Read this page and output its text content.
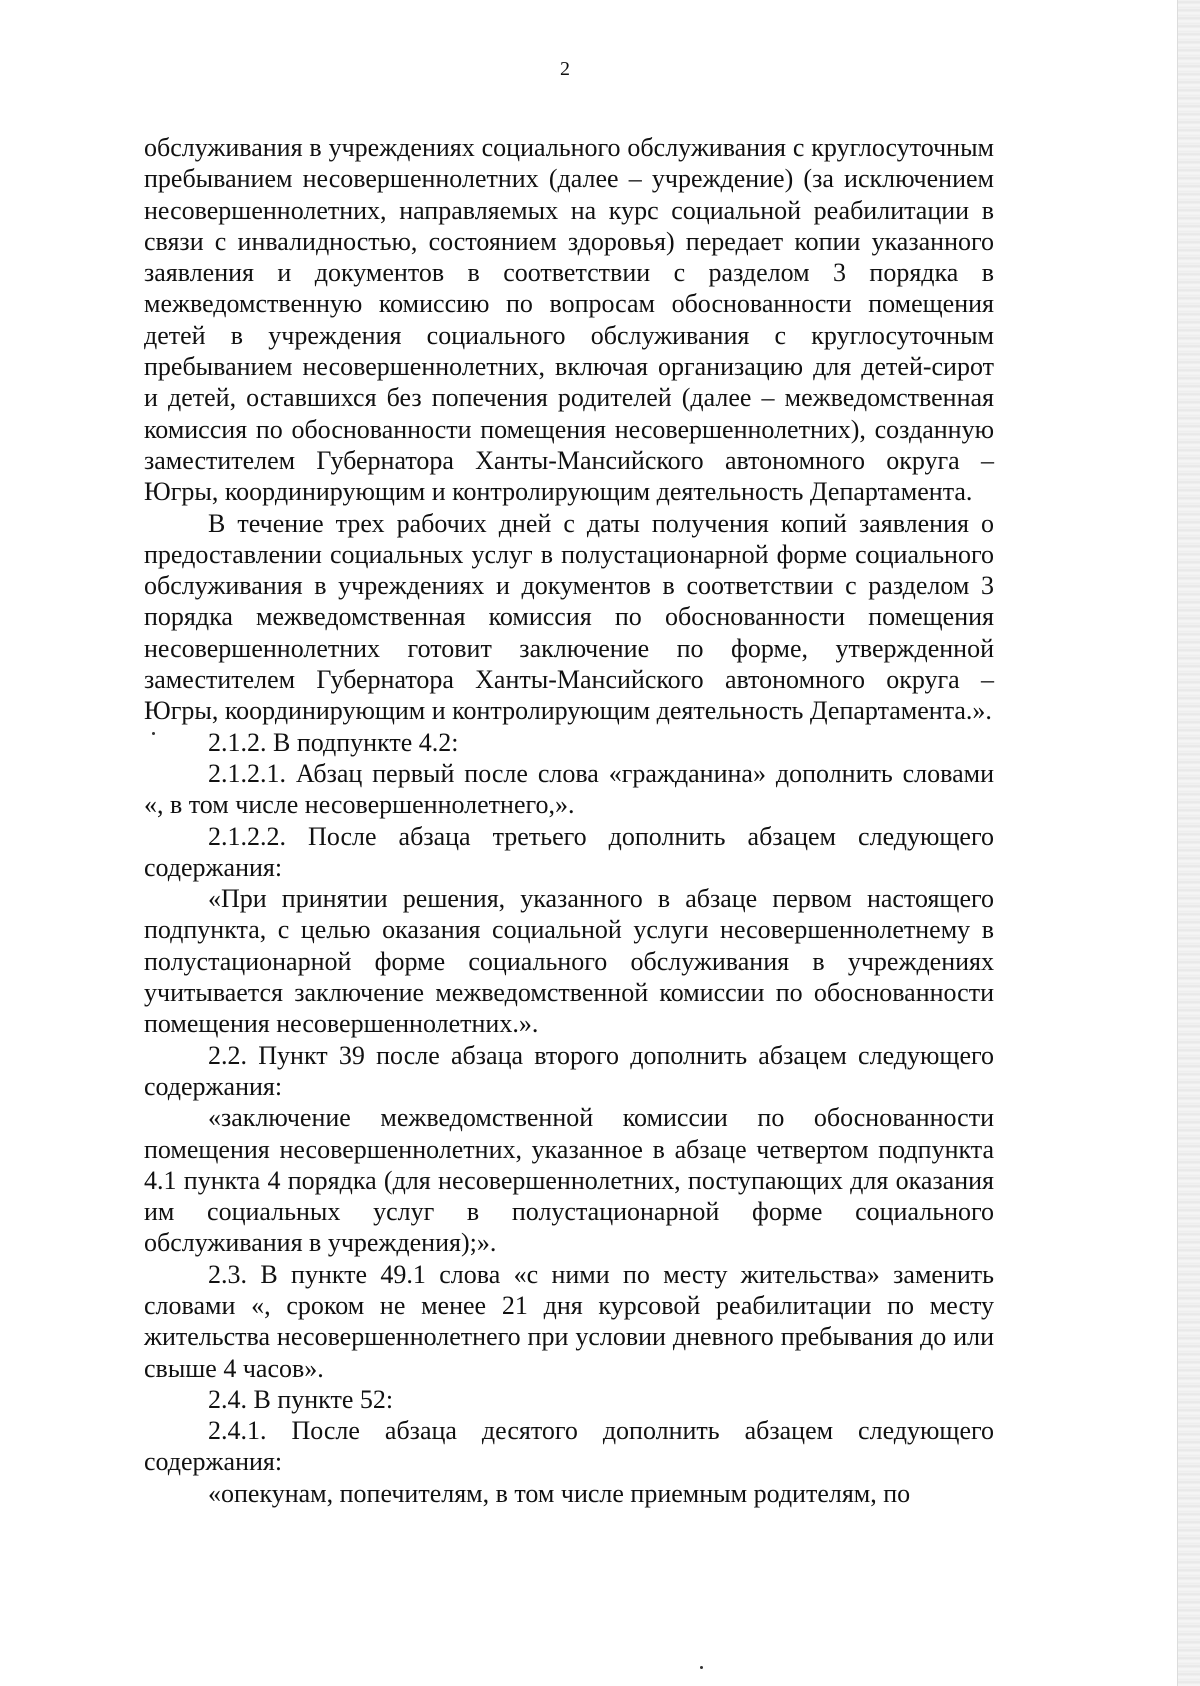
2

обслуживания в учреждениях социального обслуживания с круглосуточным пребыванием несовершеннолетних (далее – учреждение) (за исключением несовершеннолетних, направляемых на курс социальной реабилитации в связи с инвалидностью, состоянием здоровья) передает копии указанного заявления и документов в соответствии с разделом 3 порядка в межведомственную комиссию по вопросам обоснованности помещения детей в учреждения социального обслуживания с круглосуточным пребыванием несовершеннолетних, включая организацию для детей-сирот и детей, оставшихся без попечения родителей (далее – межведомственная комиссия по обоснованности помещения несовершеннолетних), созданную заместителем Губернатора Ханты-Мансийского автономного округа – Югры, координирующим и контролирующим деятельность Департамента.

В течение трех рабочих дней с даты получения копий заявления о предоставлении социальных услуг в полустационарной форме социального обслуживания в учреждениях и документов в соответствии с разделом 3 порядка межведомственная комиссия по обоснованности помещения несовершеннолетних готовит заключение по форме, утвержденной заместителем Губернатора Ханты-Мансийского автономного округа – Югры, координирующим и контролирующим деятельность Департамента.».

2.1.2. В подпункте 4.2:

2.1.2.1. Абзац первый после слова «гражданина» дополнить словами «, в том числе несовершеннолетнего,».

2.1.2.2. После абзаца третьего дополнить абзацем следующего содержания:

«При принятии решения, указанного в абзаце первом настоящего подпункта, с целью оказания социальной услуги несовершеннолетнему в полустационарной форме социального обслуживания в учреждениях учитывается заключение межведомственной комиссии по обоснованности помещения несовершеннолетних.».

2.2. Пункт 39 после абзаца второго дополнить абзацем следующего содержания:

«заключение межведомственной комиссии по обоснованности помещения несовершеннолетних, указанное в абзаце четвертом подпункта 4.1 пункта 4 порядка (для несовершеннолетних, поступающих для оказания им социальных услуг в полустационарной форме социального обслуживания в учреждения);».

2.3. В пункте 49.1 слова «с ними по месту жительства» заменить словами «, сроком не менее 21 дня курсовой реабилитации по месту жительства несовершеннолетнего при условии дневного пребывания до или свыше 4 часов».

2.4. В пункте 52:

2.4.1. После абзаца десятого дополнить абзацем следующего содержания:

«опекунам, попечителям, в том числе приемным родителям, по
